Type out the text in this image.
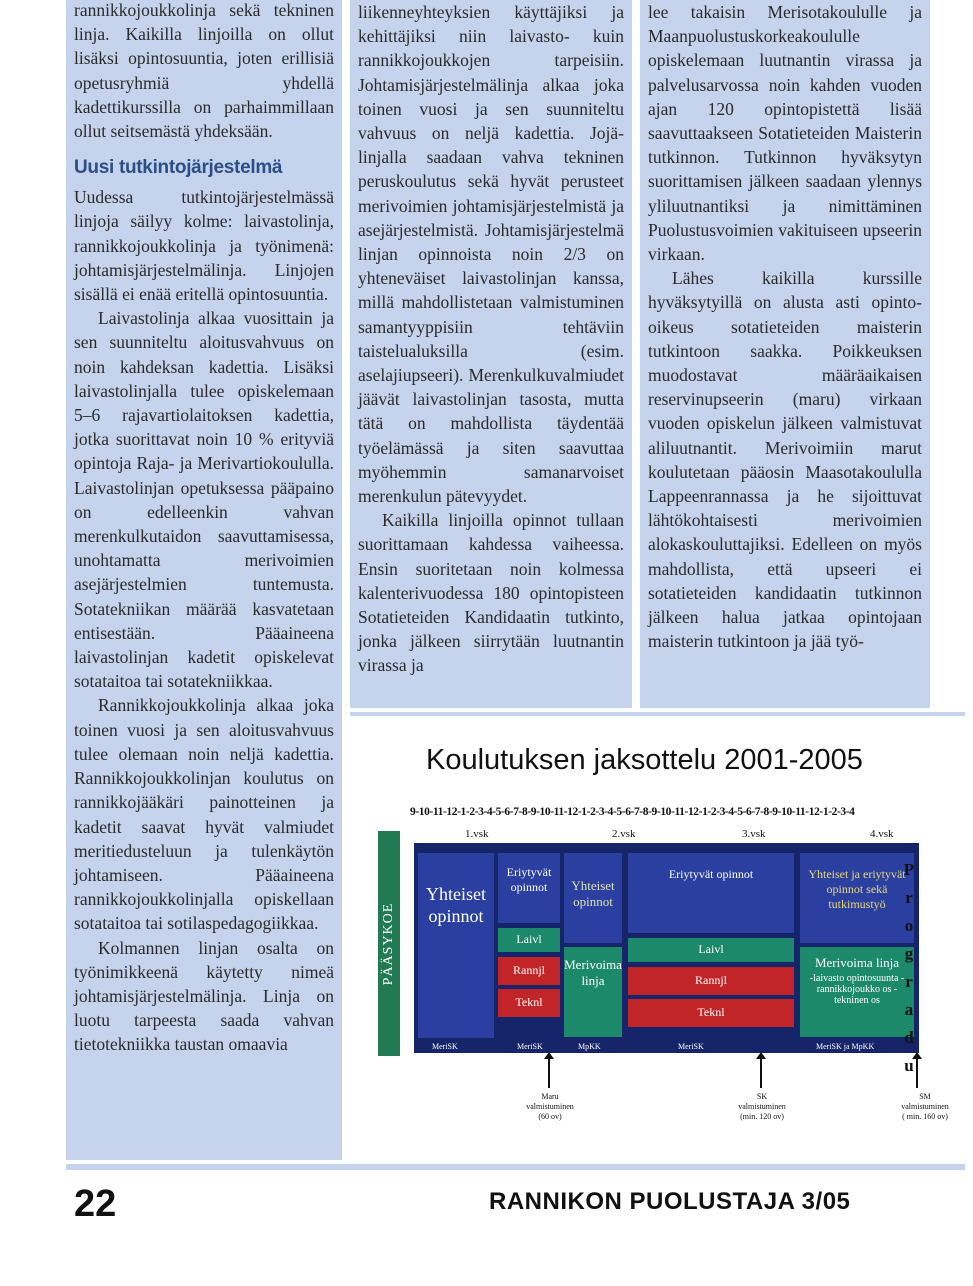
rannikkojoukkolinja sekä tekninen linja. Kaikilla linjoilla on ollut lisäksi opintosuuntia, joten erillisiä opetusryhmiä yhdellä kadettikurssilla on parhaimmillaan ollut seitsemästä yhdeksään.

Uusi tutkintojärjestelmä

Uudessa tutkintojärjestelmässä linjoja säilyy kolme: laivastolinja, rannikkojoukkolinja ja työnimenä: johtamisjärjestelmälinja. Linjojen sisällä ei enää eritellä opintosuuntia.

Laivastolinja alkaa vuosittain ja sen suunniteltu aloitusvahvuus on noin kahdeksan kadettia. Lisäksi laivastolinjalla tulee opiskelemaan 5–6 rajavartiolaitoksen kadettia, jotka suorittavat noin 10 % erityviä opintoja Raja- ja Merivartiokoululla. Laivastolinjan opetuksessa pääpaino on edelleenkin vahvan merenkulkutaidon saavuttamisessa, unohtamatta merivoimien asejärjestelmien tuntemusta. Sotatekniikan määrää kasvatetaan entisestään. Pääaineena laivastolinjan kadetit opiskelevat sotataitoa tai sotatekniikkaa.

Rannikkojoukkolinja alkaa joka toinen vuosi ja sen aloitusvahvuus tulee olemaan noin neljä kadettia. Rannikkojoukkolinjan koulutus on rannikkojääkäri painotteinen ja kadetit saavat hyvät valmiudet meritiedusteluun ja tulenkäytön johtamiseen. Pääaineena rannikkojoukkolinjalla opiskellaan sotataitoa tai sotilaspedagogiikkaa.

Kolmannen linjan osalta on työnimikkeenä käytetty nimeä johtamisjärjestelmälinja. Linja on luotu tarpeesta saada vahvan tietotekniikka taustan omaavia

liikenneyhteyksien käyttäjiksi ja kehittäjiksi niin laivasto- kuin rannikkojoukkojen tarpeisiin. Johtamisjärjestelmälinja alkaa joka toinen vuosi ja sen suunniteltu vahvuus on neljä kadettia. Jojä-linjalla saadaan vahva tekninen peruskoulutus sekä hyvät perusteet merivoimien johtamisjärjestelmistä ja asejärjestelmistä. Johtamisjärjestelmä linjan opinnoista noin 2/3 on yhteneväiset laivastolinjan kanssa, millä mahdollistetaan valmistuminen samantyyppisiin tehtäviin taistelualuksilla (esim. aselajiupseeri). Merenkulkuvalmiudet jäävät laivastolinjan tasosta, mutta tätä on mahdollista täydentää työelämässä ja siten saavuttaa myöhemmin samanarvoiset merenkulun pätevyydet.

Kaikilla linjoilla opinnot tullaan suorittamaan kahdessa vaiheessa. Ensin suoritetaan noin kolmessa kalenterivuodessa 180 opintopisteen Sotatieteiden Kandidaatin tutkinto, jonka jälkeen siirrytään luutnantin virassa ja

lee takaisin Merisotakoululle ja Maanpuolustuskorkeakoululle opiskelemaan luutnantin virassa ja palvelusarvossa noin kahden vuoden ajan 120 opintopistettä lisää saavuttaakseen Sotatieteiden Maisterin tutkinnon. Tutkinnon hyväksytyn suorittamisen jälkeen saadaan ylennys yliluutnantiksi ja nimittäminen Puolustusvoimien vakituiseen upseerin virkaan.

Lähes kaikilla kurssille hyväksytyillä on alusta asti opinto-oikeus sotatieteiden maisterin tutkintoon saakka. Poikkeuksen muodostavat määräaikaisen reservinupseerin (maru) virkaan vuoden opiskelun jälkeen valmistuvat aliluutnantit. Merivoimiin marut koulutetaan pääosin Maasotakoululla Lappeenrannassa ja he sijoittuvat lähtökohtaisesti merivoimien alokaskouluttajiksi. Edelleen on myös mahdollista, että upseeri ei sotatieteiden kandidaatin tutkinnon jälkeen halua jatkaa opintojaan maisterin tutkintoon ja jää työ-

Koulutuksen jaksottelu 2001-2005
9-10-11-12-1-2-3-4-5-6-7-8-9-10-11-12-1-2-3-4-5-6-7-8-9-10-11-12-1-2-3-4-5-6-7-8-9-10-11-12-1-2-3-4
PÄÄSYKOE
1.vsk	2.vsk	3.vsk	4.vsk
Yhteiset opinnot
Eriytyvät opinnot
Laivl
Rannjl
Teknl
Yhteiset opinnot
Merivoima linja
Eriytyvät opinnot
Laivl
Rannjl
Teknl
Yhteiset ja eriytyvät opinnot sekä tutkimustyö
Merivoima linja
-laivasto opintosuunta -rannikkojoukko os -tekninen os
MeriSK	MeriSK	MpKK	MeriSK	MeriSK ja MpKK
P
r
o
g
r
a
d
u
Maru
valmistuminen
(60 ov)
SK
valmistuminen
(min. 120 ov)
SM
valmistuminen
( min. 160 ov)
22	RANNIKON PUOLUSTAJA 3/05
